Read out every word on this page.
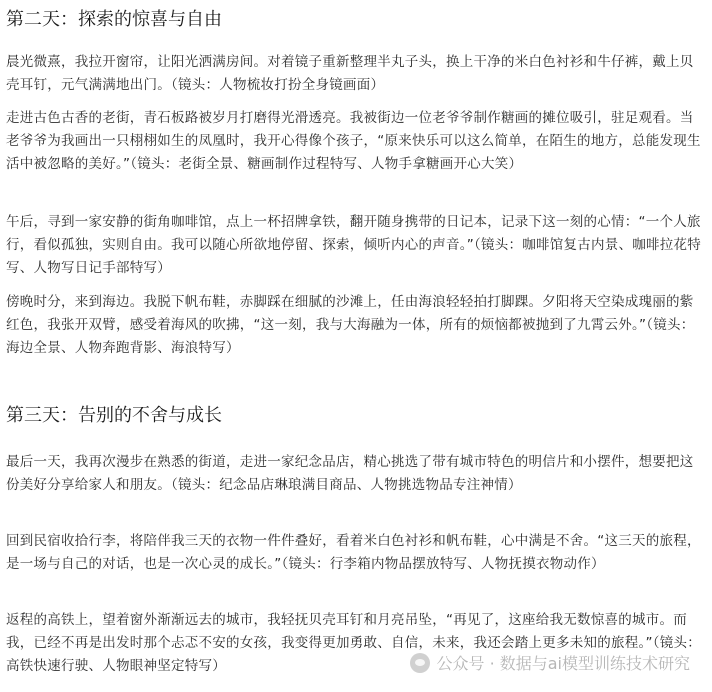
第二天：探索的惊喜与自由

晨光微熹，我拉开窗帘，让阳光洒满房间。对着镜子重新整理半丸子头，换上干净的米白色衬衫和牛仔裤，戴上贝壳耳钉，元气满满地出门。（镜头：人物梳妆打扮全身镜画面）

走进古色古香的老街，青石板路被岁月打磨得光滑透亮。我被街边一位老爷爷制作糖画的摊位吸引，驻足观看。当老爷爷为我画出一只栩栩如生的凤凰时，我开心得像个孩子，“原来快乐可以这么简单，在陌生的地方，总能发现生活中被忽略的美好。”（镜头：老街全景、糖画制作过程特写、人物手拿糖画开心大笑）

午后，寻到一家安静的街角咖啡馆，点上一杯招牌拿铁，翻开随身携带的日记本，记录下这一刻的心情：“一个人旅行，看似孤独，实则自由。我可以随心所欲地停留、探索，倾听内心的声音。”（镜头：咖啡馆复古内景、咖啡拉花特写、人物写日记手部特写）

傍晚时分，来到海边。我脱下帆布鞋，赤脚踩在细腻的沙滩上，任由海浪轻轻拍打脚踝。夕阳将天空染成瑰丽的紫红色，我张开双臂，感受着海风的吹拂，“这一刻，我与大海融为一体，所有的烦恼都被抛到了九霄云外。”（镜头：海边全景、人物奔跑背影、海浪特写）

第三天：告别的不舍与成长

最后一天，我再次漫步在熟悉的街道，走进一家纪念品店，精心挑选了带有城市特色的明信片和小摆件，想要把这份美好分享给家人和朋友。（镜头：纪念品店琳琅满目商品、人物挑选物品专注神情）

回到民宿收拾行李，将陪伴我三天的衣物一件件叠好，看着米白色衬衫和帆布鞋，心中满是不舍。“这三天的旅程，是一场与自己的对话，也是一次心灵的成长。”（镜头：行李箱内物品摆放特写、人物抚摸衣物动作）

返程的高铁上，望着窗外渐渐远去的城市，我轻抚贝壳耳钉和月亮吊坠，“再见了，这座给我无数惊喜的城市。而我，已经不再是出发时那个忐忑不安的女孩，我变得更加勇敢、自信，未来，我还会踏上更多未知的旅程。”（镜头：高铁快速行驶、人物眼神坚定特写）	公众号 · 数据与ai模型训练技术研究
